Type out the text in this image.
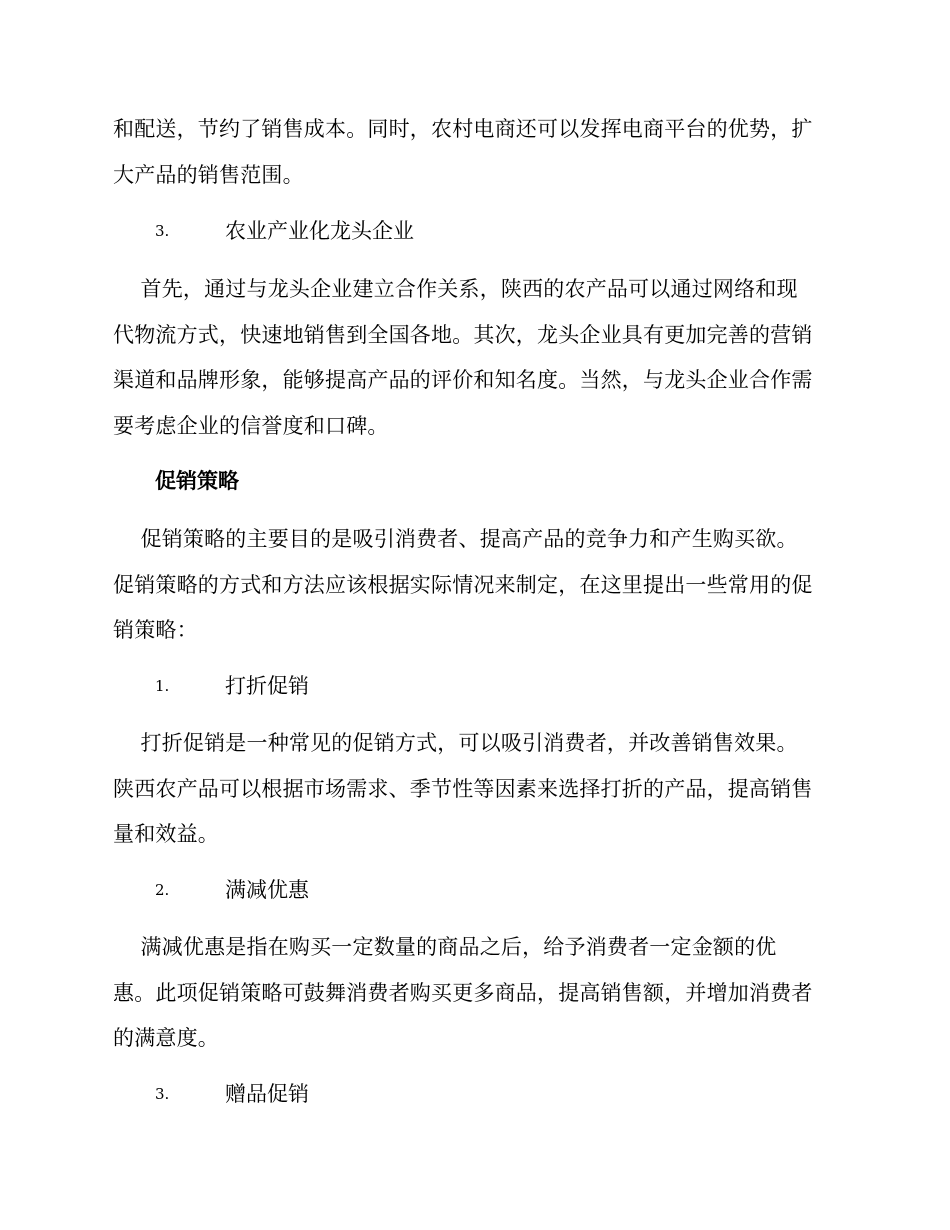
和配送，节约了销售成本。同时，农村电商还可以发挥电商平台的优势，扩
大产品的销售范围。
3.	农业产业化龙头企业
首先，通过与龙头企业建立合作关系，陕西的农产品可以通过网络和现
代物流方式，快速地销售到全国各地。其次，龙头企业具有更加完善的营销
渠道和品牌形象，能够提高产品的评价和知名度。当然，与龙头企业合作需
要考虑企业的信誉度和口碑。
促销策略
促销策略的主要目的是吸引消费者、提高产品的竞争力和产生购买欲。
促销策略的方式和方法应该根据实际情况来制定，在这里提出一些常用的促
销策略：
1.	打折促销
打折促销是一种常见的促销方式，可以吸引消费者，并改善销售效果。
陕西农产品可以根据市场需求、季节性等因素来选择打折的产品，提高销售
量和效益。
2.	满减优惠
满减优惠是指在购买一定数量的商品之后，给予消费者一定金额的优
惠。此项促销策略可鼓舞消费者购买更多商品，提高销售额，并增加消费者
的满意度。
3.	赠品促销
